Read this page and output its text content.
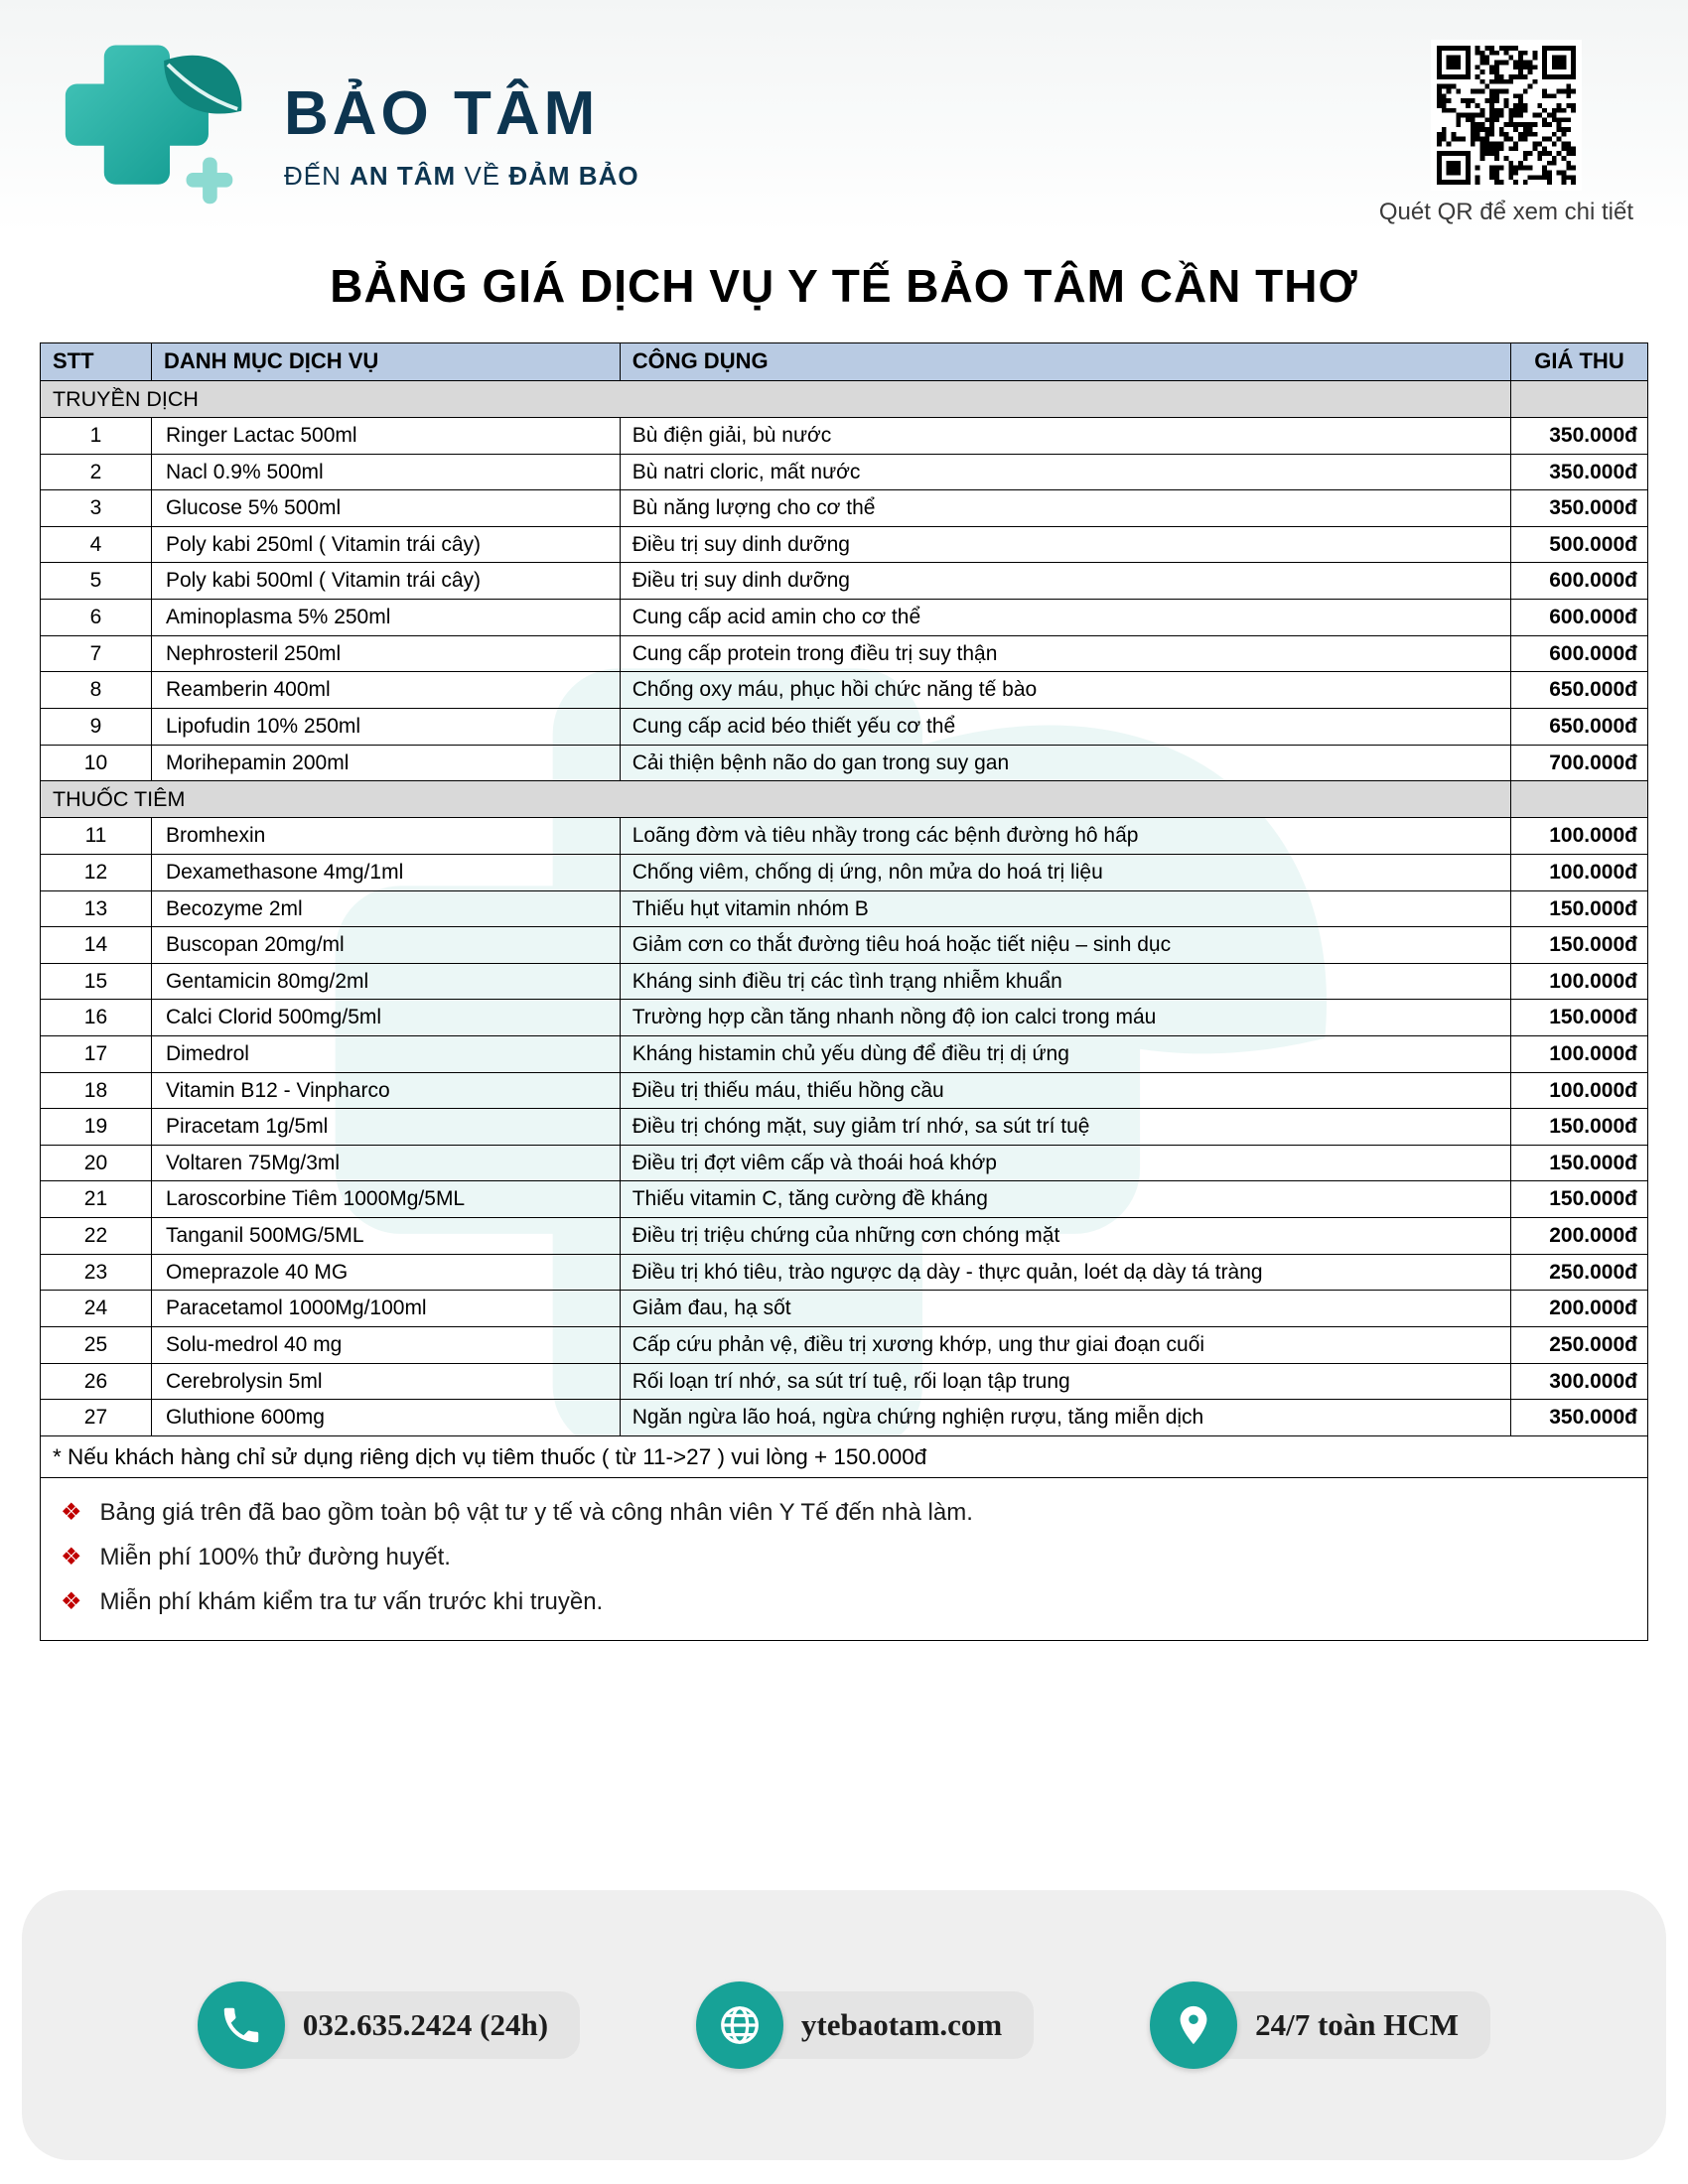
BẢO TÂM
ĐẾN AN TÂM VỀ ĐẢM BẢO
Quét QR để xem chi tiết
BẢNG GIÁ DỊCH VỤ Y TẾ BẢO TÂM CẦN THƠ
STT	DANH MỤC DỊCH VỤ	CÔNG DỤNG	GIÁ THU
TRUYỀN DỊCH			
1	Ringer Lactac 500ml	Bù điện giải, bù nước	350.000đ
2	Nacl 0.9% 500ml	Bù natri cloric, mất nước	350.000đ
3	Glucose 5% 500ml	Bù năng lượng cho cơ thể	350.000đ
4	Poly kabi 250ml ( Vitamin trái cây)	Điều trị suy dinh dưỡng	500.000đ
5	Poly kabi 500ml ( Vitamin trái cây)	Điều trị suy dinh dưỡng	600.000đ
6	Aminoplasma 5% 250ml	Cung cấp acid amin cho cơ thể	600.000đ
7	Nephrosteril 250ml	Cung cấp protein trong điều trị suy thận	600.000đ
8	Reamberin 400ml	Chống oxy máu, phục hồi chức năng tế bào	650.000đ
9	Lipofudin 10% 250ml	Cung cấp acid béo thiết yếu cơ thể	650.000đ
10	Morihepamin 200ml	Cải thiện bệnh não do gan trong suy gan	700.000đ
THUỐC TIÊM			
11	Bromhexin	Loãng đờm và tiêu nhầy trong các bệnh đường hô hấp	100.000đ
12	Dexamethasone 4mg/1ml	Chống viêm, chống dị ứng, nôn mửa do hoá trị liệu	100.000đ
13	Becozyme 2ml	Thiếu hụt vitamin nhóm B	150.000đ
14	Buscopan 20mg/ml	Giảm cơn co thắt đường tiêu hoá hoặc tiết niệu – sinh dục	150.000đ
15	Gentamicin 80mg/2ml	Kháng sinh điều trị các tình trạng nhiễm khuẩn	100.000đ
16	Calci Clorid 500mg/5ml	Trường hợp cần tăng nhanh nồng độ ion calci trong máu	150.000đ
17	Dimedrol	Kháng histamin chủ yếu dùng để điều trị dị ứng	100.000đ
18	Vitamin B12 - Vinpharco	Điều trị thiếu máu, thiếu hồng cầu	100.000đ
19	Piracetam 1g/5ml	Điều trị chóng mặt, suy giảm trí nhớ, sa sút trí tuệ	150.000đ
20	Voltaren 75Mg/3ml	Điều trị đợt viêm cấp và thoái hoá khớp	150.000đ
21	Laroscorbine Tiêm 1000Mg/5ML	Thiếu vitamin C, tăng cường đề kháng	150.000đ
22	Tanganil 500MG/5ML	Điều trị triệu chứng của những cơn chóng mặt	200.000đ
23	Omeprazole 40 MG	Điều trị khó tiêu, trào ngược dạ dày - thực quản, loét dạ dày tá tràng	250.000đ
24	Paracetamol 1000Mg/100ml	Giảm đau, hạ sốt	200.000đ
25	Solu-medrol 40 mg	Cấp cứu phản vệ, điều trị xương khớp, ung thư giai đoạn cuối	250.000đ
26	Cerebrolysin 5ml	Rối loạn trí nhớ, sa sút trí tuệ, rối loạn tập trung	300.000đ
27	Gluthione 600mg	Ngăn ngừa lão hoá, ngừa chứng nghiện rượu, tăng miễn dịch	350.000đ
* Nếu khách hàng chỉ sử dụng riêng dịch vụ tiêm thuốc ( từ 11->27 ) vui lòng + 150.000đ			
❖ Bảng giá trên đã bao gồm toàn bộ vật tư y tế và công nhân viên Y Tế đến nhà làm.
❖ Miễn phí 100% thử đường huyết.
❖ Miễn phí khám kiểm tra tư vấn trước khi truyền.
032.635.2424 (24h)	ytebaotam.com	24/7 toàn HCM
